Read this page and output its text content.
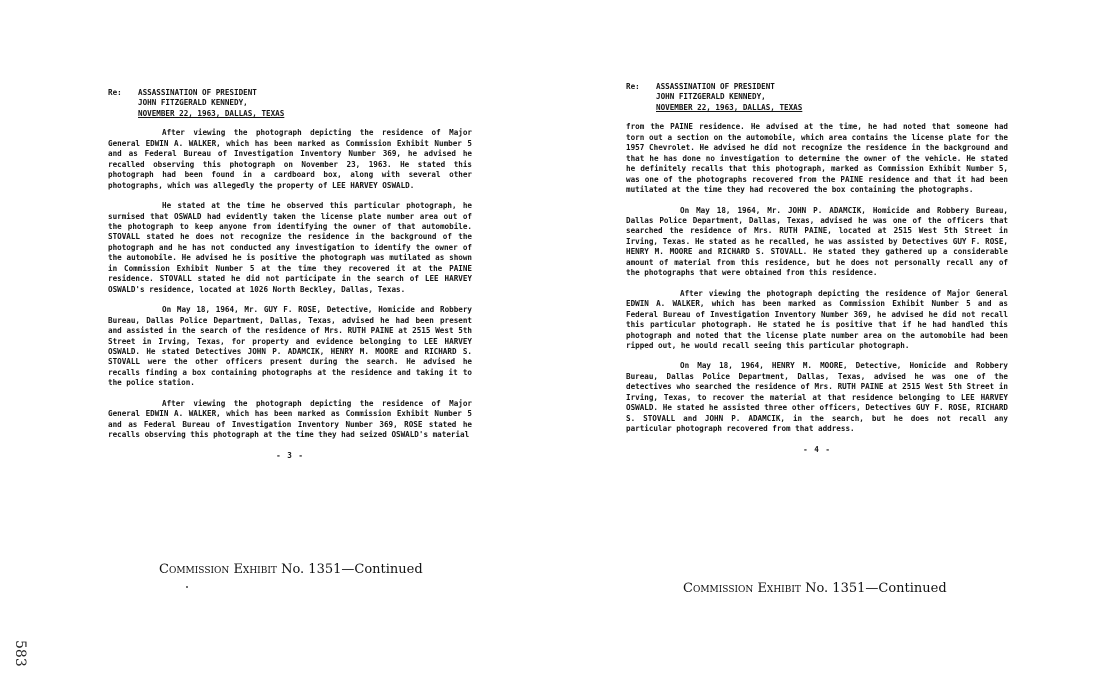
Re:	ASSASSINATION OF PRESIDENT
JOHN FITZGERALD KENNEDY,
NOVEMBER 22, 1963, DALLAS, TEXAS

After viewing the photograph depicting the residence of Major General EDWIN A. WALKER, which has been marked as Commission Exhibit Number 5 and as Federal Bureau of Investigation Inventory Number 369, he advised he recalled observing this photograph on November 23, 1963. He stated this photograph had been found in a cardboard box, along with several other photographs, which was allegedly the property of LEE HARVEY OSWALD.

He stated at the time he observed this particular photograph, he surmised that OSWALD had evidently taken the license plate number area out of the photograph to keep anyone from identifying the owner of that automobile. STOVALL stated he does not recognize the residence in the background of the photograph and he has not conducted any investigation to identify the owner of the automobile. He advised he is positive the photograph was mutilated as shown in Commission Exhibit Number 5 at the time they recovered it at the PAINE residence. STOVALL stated he did not participate in the search of LEE HARVEY OSWALD's residence, located at 1026 North Beckley, Dallas, Texas.

On May 18, 1964, Mr. GUY F. ROSE, Detective, Homicide and Robbery Bureau, Dallas Police Department, Dallas, Texas, advised he had been present and assisted in the search of the residence of Mrs. RUTH PAINE at 2515 West 5th Street in Irving, Texas, for property and evidence belonging to LEE HARVEY OSWALD. He stated Detectives JOHN P. ADAMCIK, HENRY M. MOORE and RICHARD S. STOVALL were the other officers present during the search. He advised he recalls finding a box containing photographs at the residence and taking it to the police station.

After viewing the photograph depicting the residence of Major General EDWIN A. WALKER, which has been marked as Commission Exhibit Number 5 and as Federal Bureau of Investigation Inventory Number 369, ROSE stated he recalls observing this photograph at the time they had seized OSWALD's material

- 3 -
Commission Exhibit No. 1351—Continued
Re:	ASSASSINATION OF PRESIDENT
JOHN FITZGERALD KENNEDY,
NOVEMBER 22, 1963, DALLAS, TEXAS

from the PAINE residence. He advised at the time, he had noted that someone had torn out a section on the automobile, which area contains the license plate for the 1957 Chevrolet. He advised he did not recognize the residence in the background and that he has done no investigation to determine the owner of the vehicle. He stated he definitely recalls that this photograph, marked as Commission Exhibit Number 5, was one of the photographs recovered from the PAINE residence and that it had been mutilated at the time they had recovered the box containing the photographs.

On May 18, 1964, Mr. JOHN P. ADAMCIK, Homicide and Robbery Bureau, Dallas Police Department, Dallas, Texas, advised he was one of the officers that searched the residence of Mrs. RUTH PAINE, located at 2515 West 5th Street in Irving, Texas. He stated as he recalled, he was assisted by Detectives GUY F. ROSE, HENRY M. MOORE and RICHARD S. STOVALL. He stated they gathered up a considerable amount of material from this residence, but he does not personally recall any of the photographs that were obtained from this residence.

After viewing the photograph depicting the residence of Major General EDWIN A. WALKER, which has been marked as Commission Exhibit Number 5 and as Federal Bureau of Investigation Inventory Number 369, he advised he did not recall this particular photograph. He stated he is positive that if he had handled this photograph and noted that the license plate number area on the automobile had been ripped out, he would recall seeing this particular photograph.

On May 18, 1964, HENRY M. MOORE, Detective, Homicide and Robbery Bureau, Dallas Police Department, Dallas, Texas, advised he was one of the detectives who searched the residence of Mrs. RUTH PAINE at 2515 West 5th Street in Irving, Texas, to recover the material at that residence belonging to LEE HARVEY OSWALD. He stated he assisted three other officers, Detectives GUY F. ROSE, RICHARD S. STOVALL and JOHN P. ADAMCIK, in the search, but he does not recall any particular photograph recovered from that address.

- 4 -
Commission Exhibit No. 1351—Continued
583
